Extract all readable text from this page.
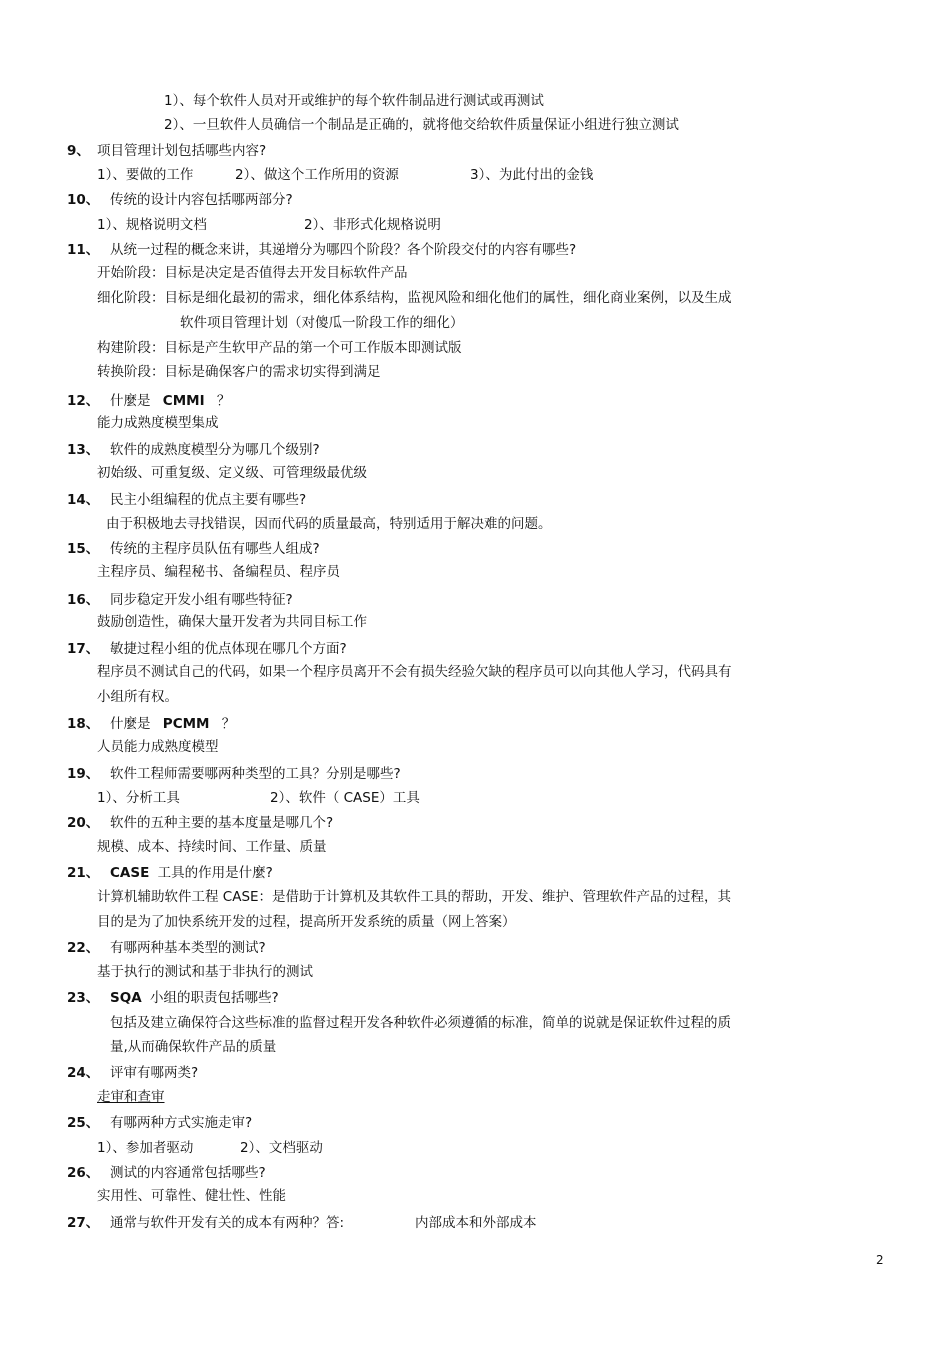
1）、每个软件人员对开或维护的每个软件制品进行测试或再测试
2）、一旦软件人员确信一个制品是正确的，就将他交给软件质量保证小组进行独立测试
9、 项目管理计划包括哪些内容?
1）、要做的工作	2）、做这个工作所用的资源	3）、为此付出的金钱
10、 传统的设计内容包括哪两部分?
1）、规格说明文档	2）、非形式化规格说明
11、 从统一过程的概念来讲，其递增分为哪四个阶段？各个阶段交付的内容有哪些?
开始阶段：目标是决定是否值得去开发目标软件产品
细化阶段：目标是细化最初的需求，细化体系结构，监视风险和细化他们的属性，细化商业案例，以及生成
软件项目管理计划（对傻瓜一阶段工作的细化）
构建阶段：目标是产生软甲产品的第一个可工作版本即测试版
转换阶段：目标是确保客户的需求切实得到满足
12、 什麼是 CMMI ？
能力成熟度模型集成
13、 软件的成熟度模型分为哪几个级别?
初始级、可重复级、定义级、可管理级最优级
14、 民主小组编程的优点主要有哪些?
由于积极地去寻找错误，因而代码的质量最高，特别适用于解决难的问题。
15、 传统的主程序员队伍有哪些人组成?
主程序员、编程秘书、备编程员、程序员
16、 同步稳定开发小组有哪些特征?
鼓励创造性，确保大量开发者为共同目标工作
17、 敏捷过程小组的优点体现在哪几个方面?
程序员不测试自己的代码，如果一个程序员离开不会有损失经验欠缺的程序员可以向其他人学习，代码具有
小组所有权。
18、 什麼是 PCMM ？
人员能力成熟度模型
19、 软件工程师需要哪两种类型的工具？分别是哪些?
1）、分析工具	2）、软件（ CASE）工具
20、 软件的五种主要的基本度量是哪几个?
规模、成本、持续时间、工作量、质量
21、 CASE 工具的作用是什麼?
计算机辅助软件工程 CASE：是借助于计算机及其软件工具的帮助，开发、维护、管理软件产品的过程，其
目的是为了加快系统开发的过程，提高所开发系统的质量（网上答案）
22、 有哪两种基本类型的测试?
基于执行的测试和基于非执行的测试
23、 SQA 小组的职责包括哪些?
包括及建立确保符合这些标准的监督过程开发各种软件必须遵循的标准，简单的说就是保证软件过程的质
量,从而确保软件产品的质量
24、 评审有哪两类?
走审和查审
25、 有哪两种方式实施走审?
1）、参加者驱动	2）、文档驱动
26、 测试的内容通常包括哪些?
实用性、可靠性、健壮性、性能
27、 通常与软件开发有关的成本有两种？答:	内部成本和外部成本
2
